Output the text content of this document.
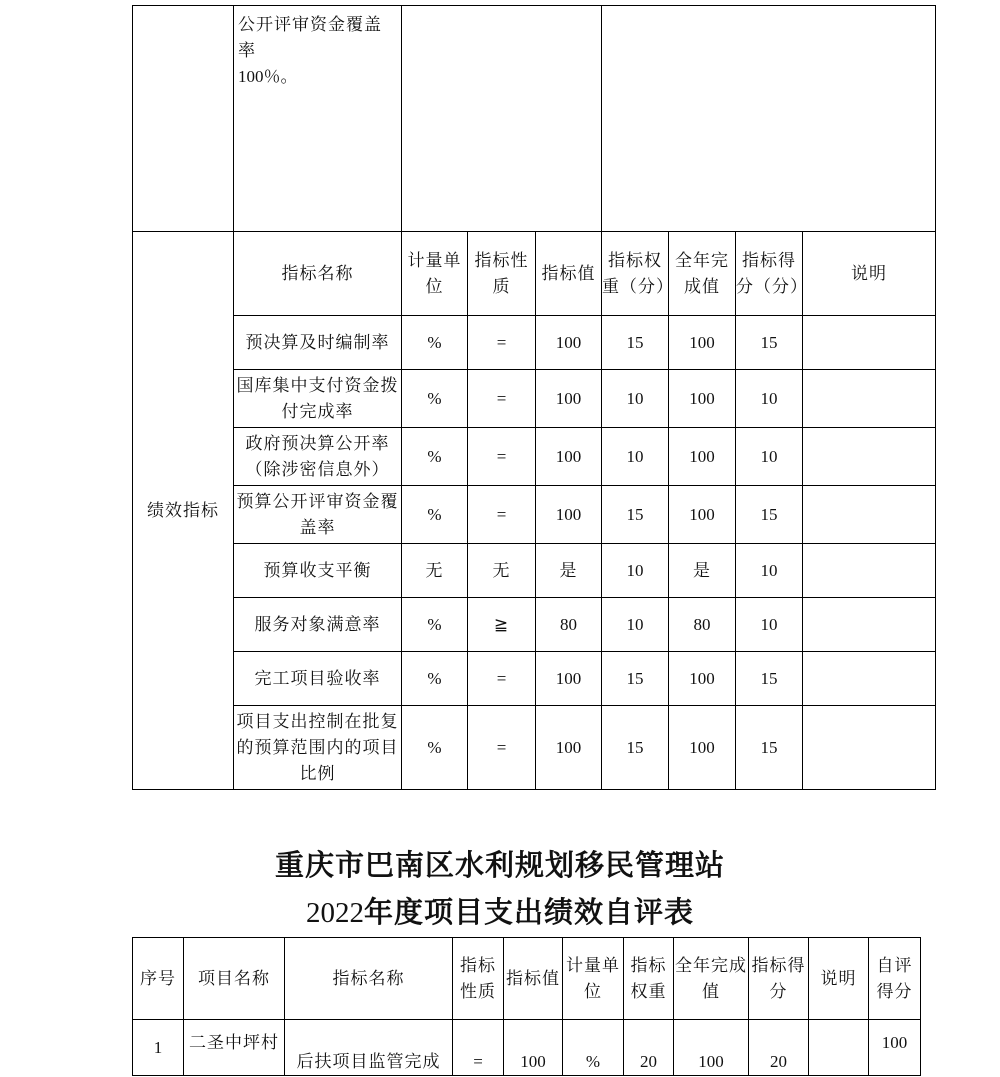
	公开评审资金覆盖率
100％。							

绩效指标	指标名称	计量单位	指标性质	指标值	指标权重（分）	全年完成值	指标得分（分）	说明
	预决算及时编制率	%	=	100	15	100	15	
	国库集中支付资金拨付完成率	%	=	100	10	100	10	
	政府预决算公开率（除涉密信息外）	%	=	100	10	100	10	
	预算公开评审资金覆盖率	%	=	100	15	100	15	
	预算收支平衡	无	无	是	10	是	10	
	服务对象满意率	%	≧	80	10	80	10	
	完工项目验收率	%	=	100	15	100	15	
	项目支出控制在批复的预算范围内的项目比例	%	=	100	15	100	15	
重庆市巴南区水利规划移民管理站
2022年度项目支出绩效自评表
序号	项目名称	指标名称	指标性质	指标值	计量单位	指标权重	全年完成值	指标得分	说明	自评得分
1	二圣中坪村	后扶项目监管完成	=	100	%	20	100	20		100
